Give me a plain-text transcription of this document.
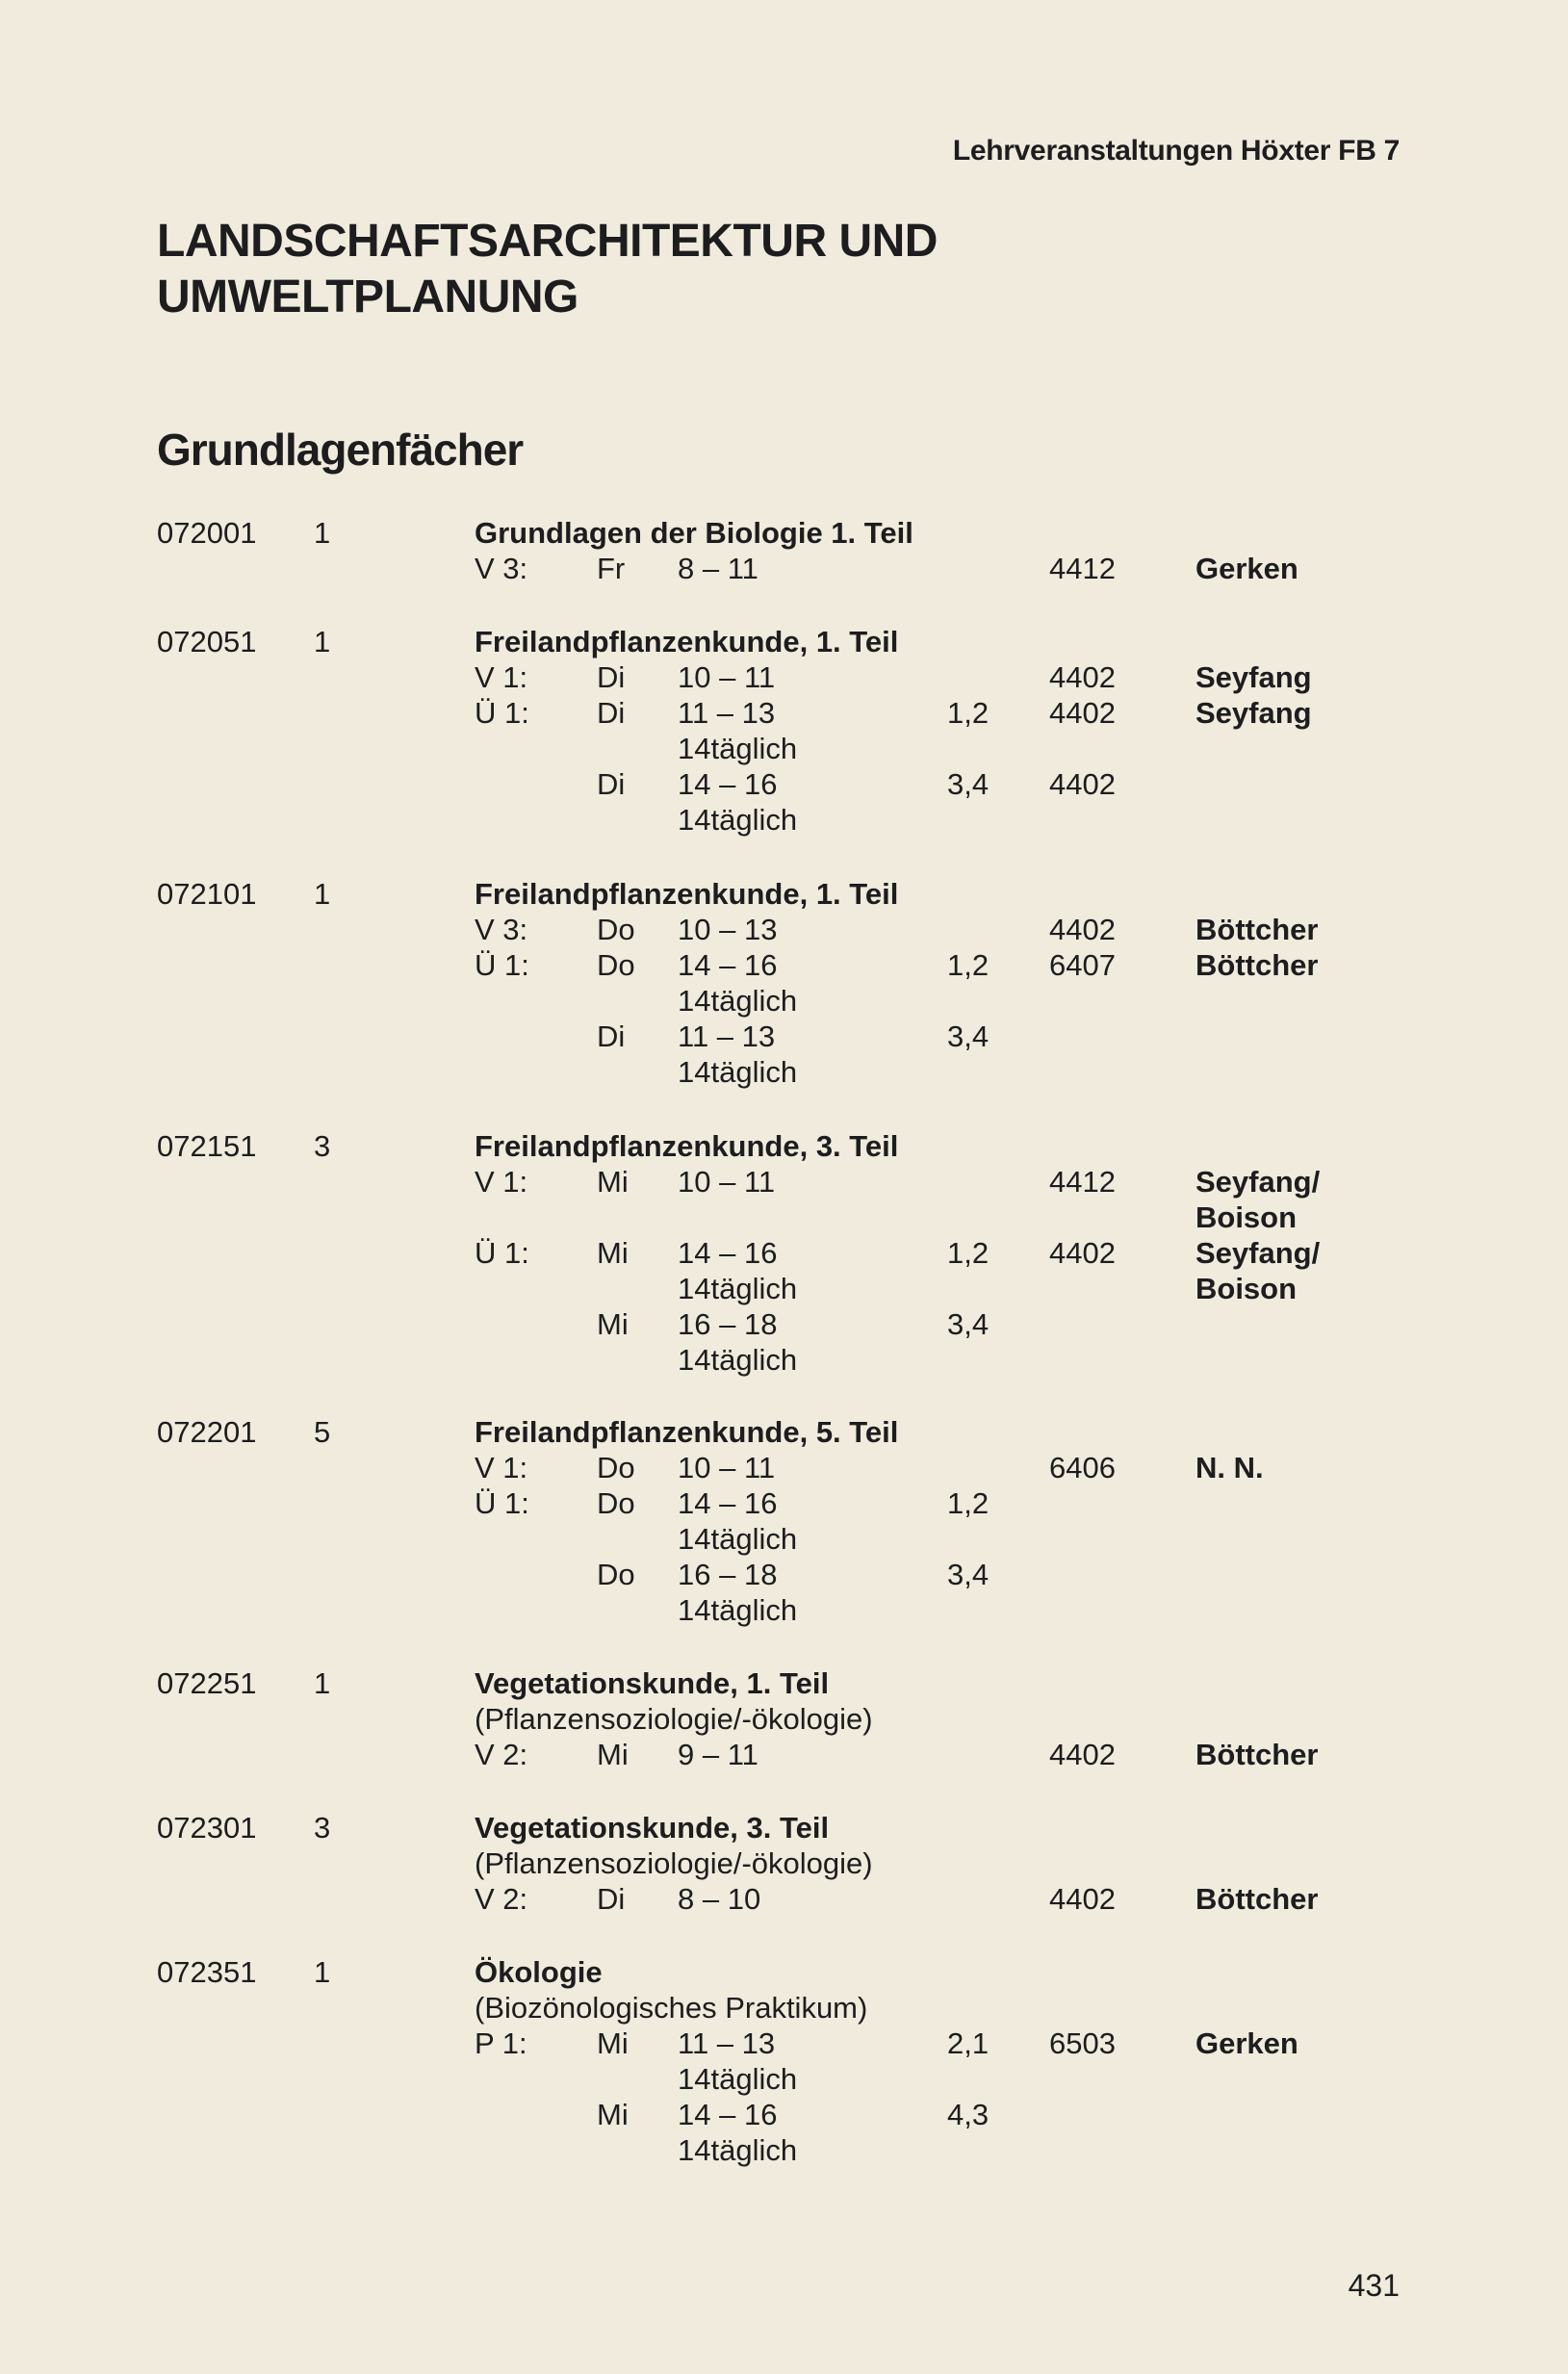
Lehrveranstaltungen Höxter FB 7
LANDSCHAFTSARCHITEKTUR UND
UMWELTPLANUNG
Grundlagenfächer
072001 1	Grundlagen der Biologie 1. Teil
V 3: Fr 8 – 11	4412	Gerken
072051 1	Freilandpflanzenkunde, 1. Teil
V 1: Di 10 – 11	4402	Seyfang
Ü 1: Di 11 – 13	1,2 4402	Seyfang
14täglich
Di 14 – 16	3,4 4402
14täglich
072101 1	Freilandpflanzenkunde, 1. Teil
V 3: Do 10 – 13	4402	Böttcher
Ü 1: Do 14 – 16	1,2 6407	Böttcher
14täglich
Di 11 – 13	3,4
14täglich
072151 3	Freilandpflanzenkunde, 3. Teil
V 1: Mi 10 – 11	4412	Seyfang/
Boison
Ü 1: Mi 14 – 16	1,2 4402	Seyfang/
14täglich	Boison
Mi 16 – 18	3,4
14täglich
072201 5	Freilandpflanzenkunde, 5. Teil
V 1: Do 10 – 11	6406	N. N.
Ü 1: Do 14 – 16	1,2
14täglich
Do 16 – 18	3,4
14täglich
072251 1	Vegetationskunde, 1. Teil
(Pflanzensoziologie/-ökologie)
V 2: Mi 9 – 11	4402	Böttcher
072301 3	Vegetationskunde, 3. Teil
(Pflanzensoziologie/-ökologie)
V 2: Di 8 – 10	4402	Böttcher
072351 1	Ökologie
(Biozönologisches Praktikum)
P 1: Mi 11 – 13	2,1 6503	Gerken
14täglich
Mi 14 – 16	4,3
14täglich
431
